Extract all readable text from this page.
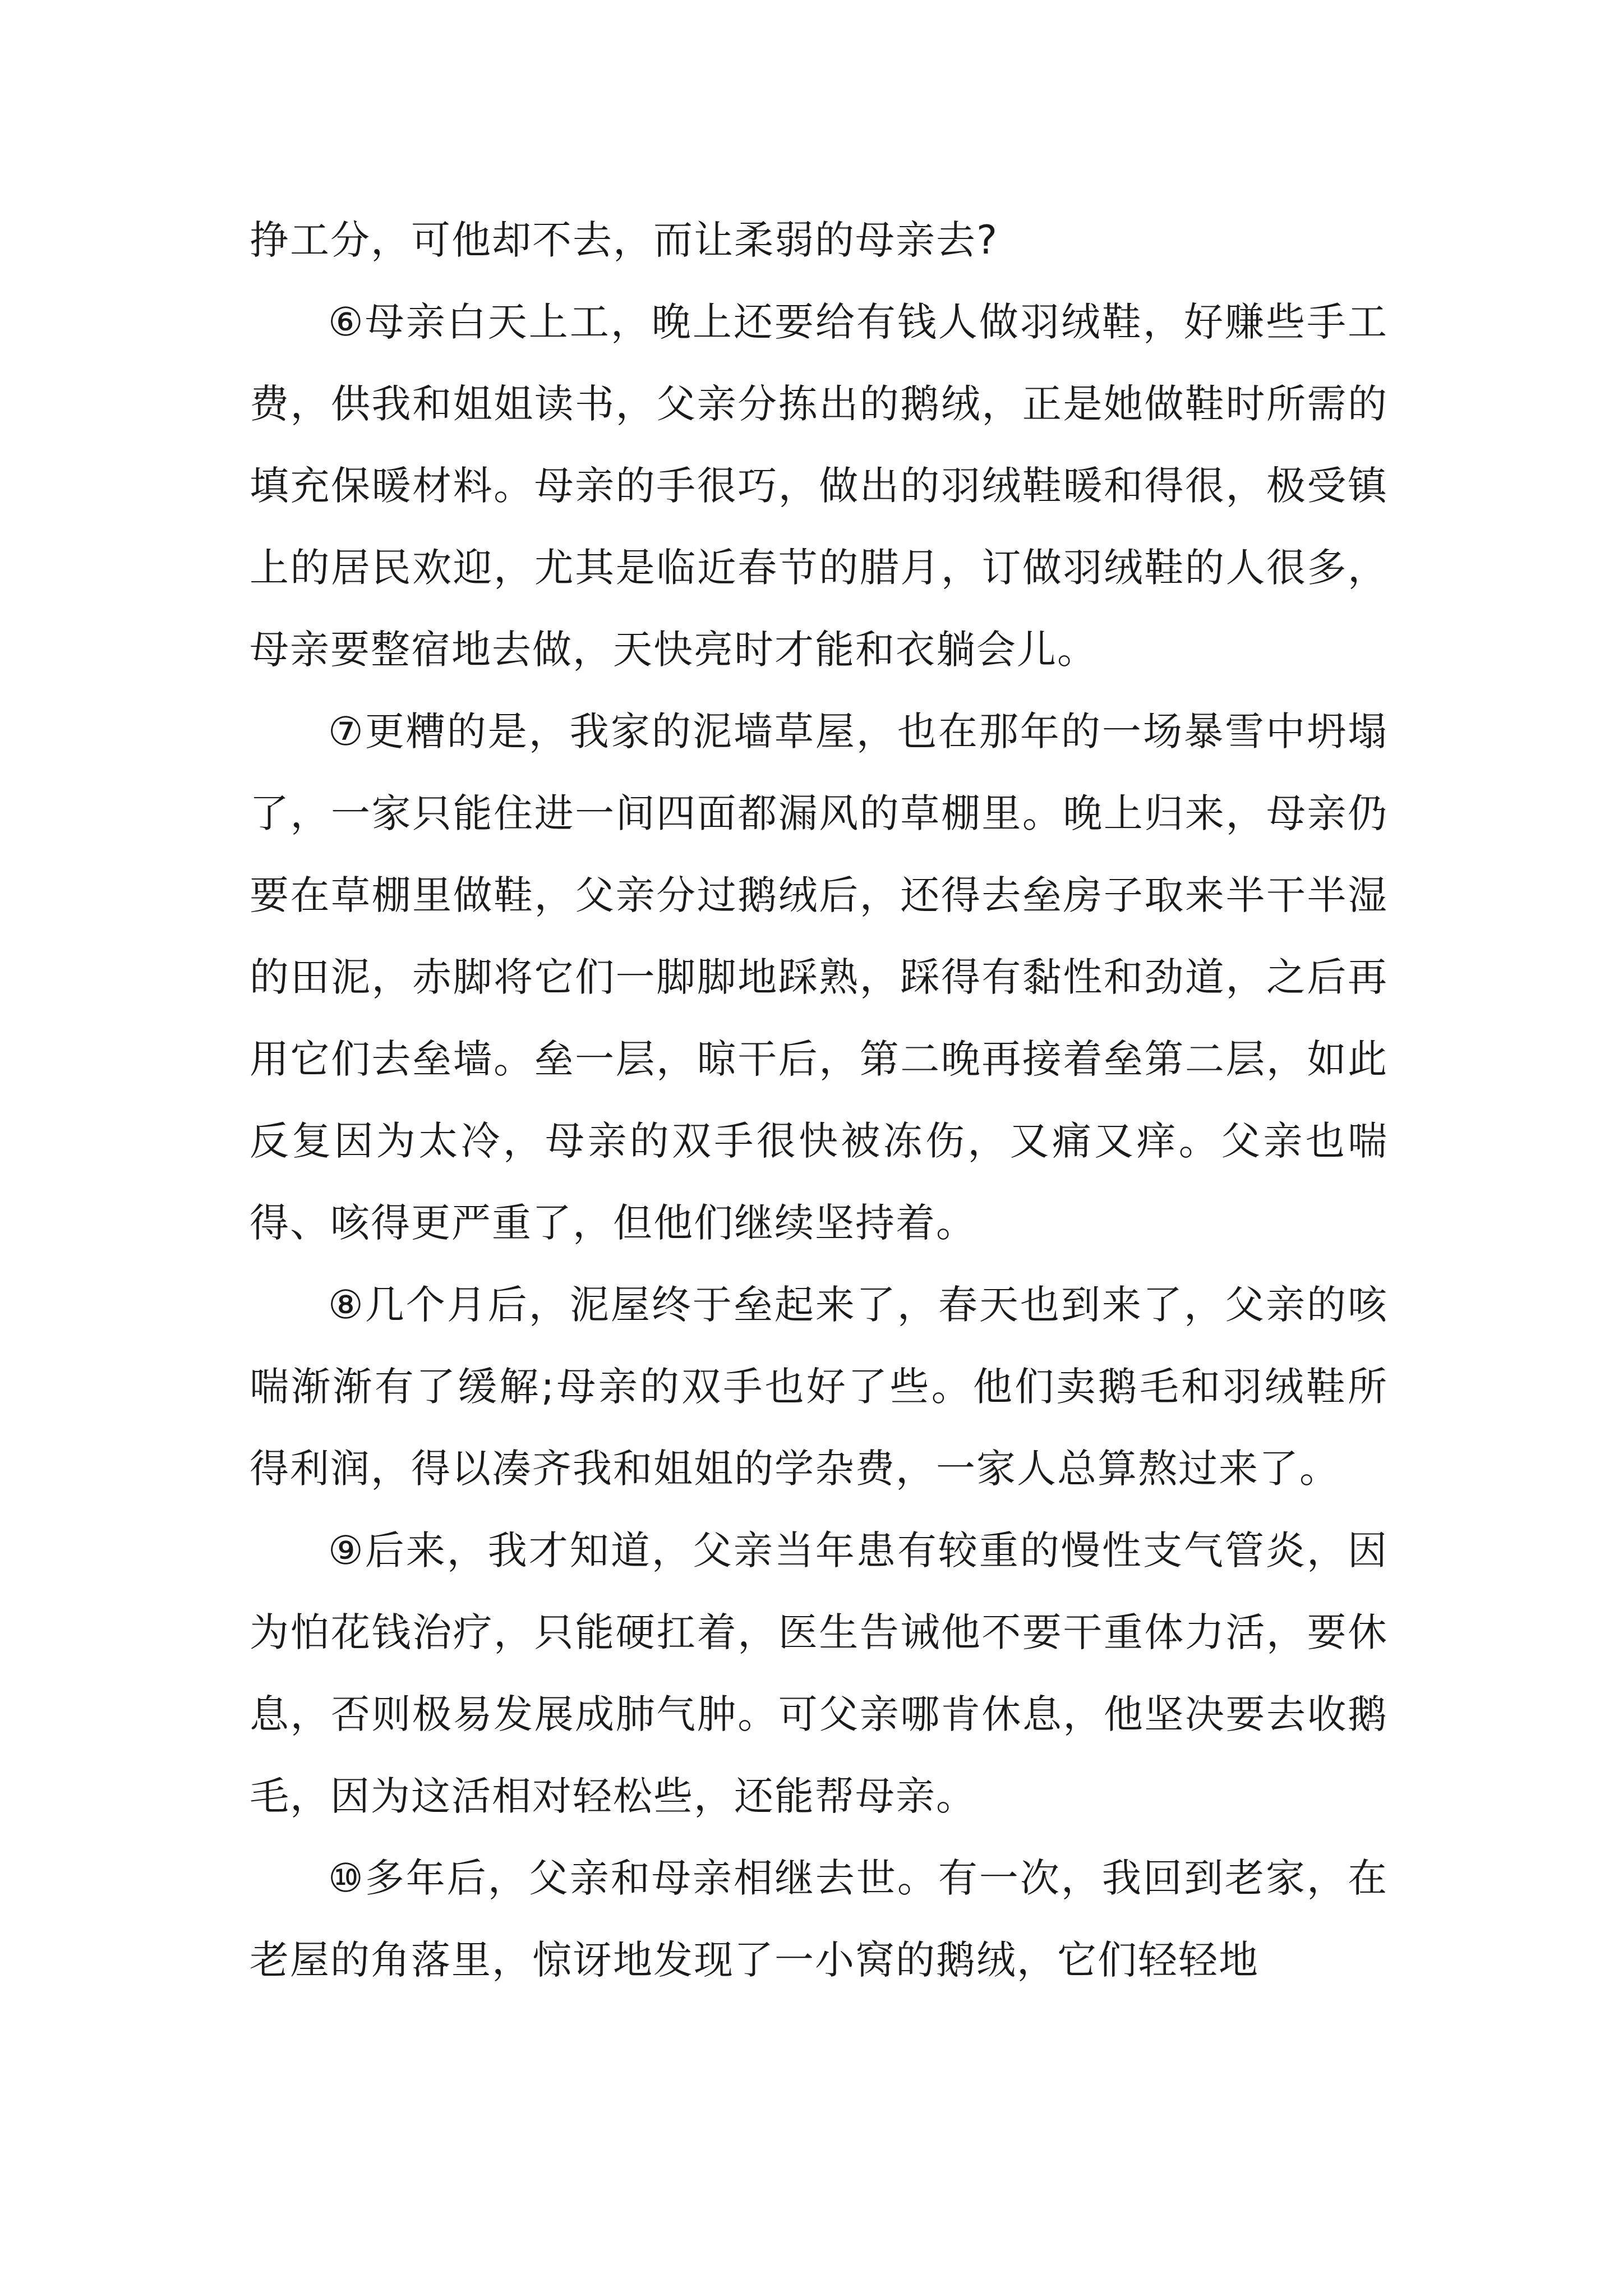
挣工分，可他却不去，而让柔弱的母亲去?

⑥母亲白天上工，晚上还要给有钱人做羽绒鞋，好赚些手工费，供我和姐姐读书，父亲分拣出的鹅绒，正是她做鞋时所需的填充保暖材料。母亲的手很巧，做出的羽绒鞋暖和得很，极受镇上的居民欢迎，尤其是临近春节的腊月，订做羽绒鞋的人很多，母亲要整宿地去做，天快亮时才能和衣躺会儿。

⑦更糟的是，我家的泥墙草屋，也在那年的一场暴雪中坍塌了，一家只能住进一间四面都漏风的草棚里。晚上归来，母亲仍要在草棚里做鞋，父亲分过鹅绒后，还得去垒房子取来半干半湿的田泥，赤脚将它们一脚脚地踩熟，踩得有黏性和劲道，之后再用它们去垒墙。垒一层，晾干后，第二晚再接着垒第二层，如此反复因为太冷，母亲的双手很快被冻伤，又痛又痒。父亲也喘得、咳得更严重了，但他们继续坚持着。

⑧几个月后，泥屋终于垒起来了，春天也到来了，父亲的咳喘渐渐有了缓解;母亲的双手也好了些。他们卖鹅毛和羽绒鞋所得利润，得以凑齐我和姐姐的学杂费，一家人总算熬过来了。

⑨后来，我才知道，父亲当年患有较重的慢性支气管炎，因为怕花钱治疗，只能硬扛着，医生告诫他不要干重体力活，要休息，否则极易发展成肺气肿。可父亲哪肯休息，他坚决要去收鹅毛，因为这活相对轻松些，还能帮母亲。

⑩多年后，父亲和母亲相继去世。有一次，我回到老家，在老屋的角落里，惊讶地发现了一小窝的鹅绒，它们轻轻地
